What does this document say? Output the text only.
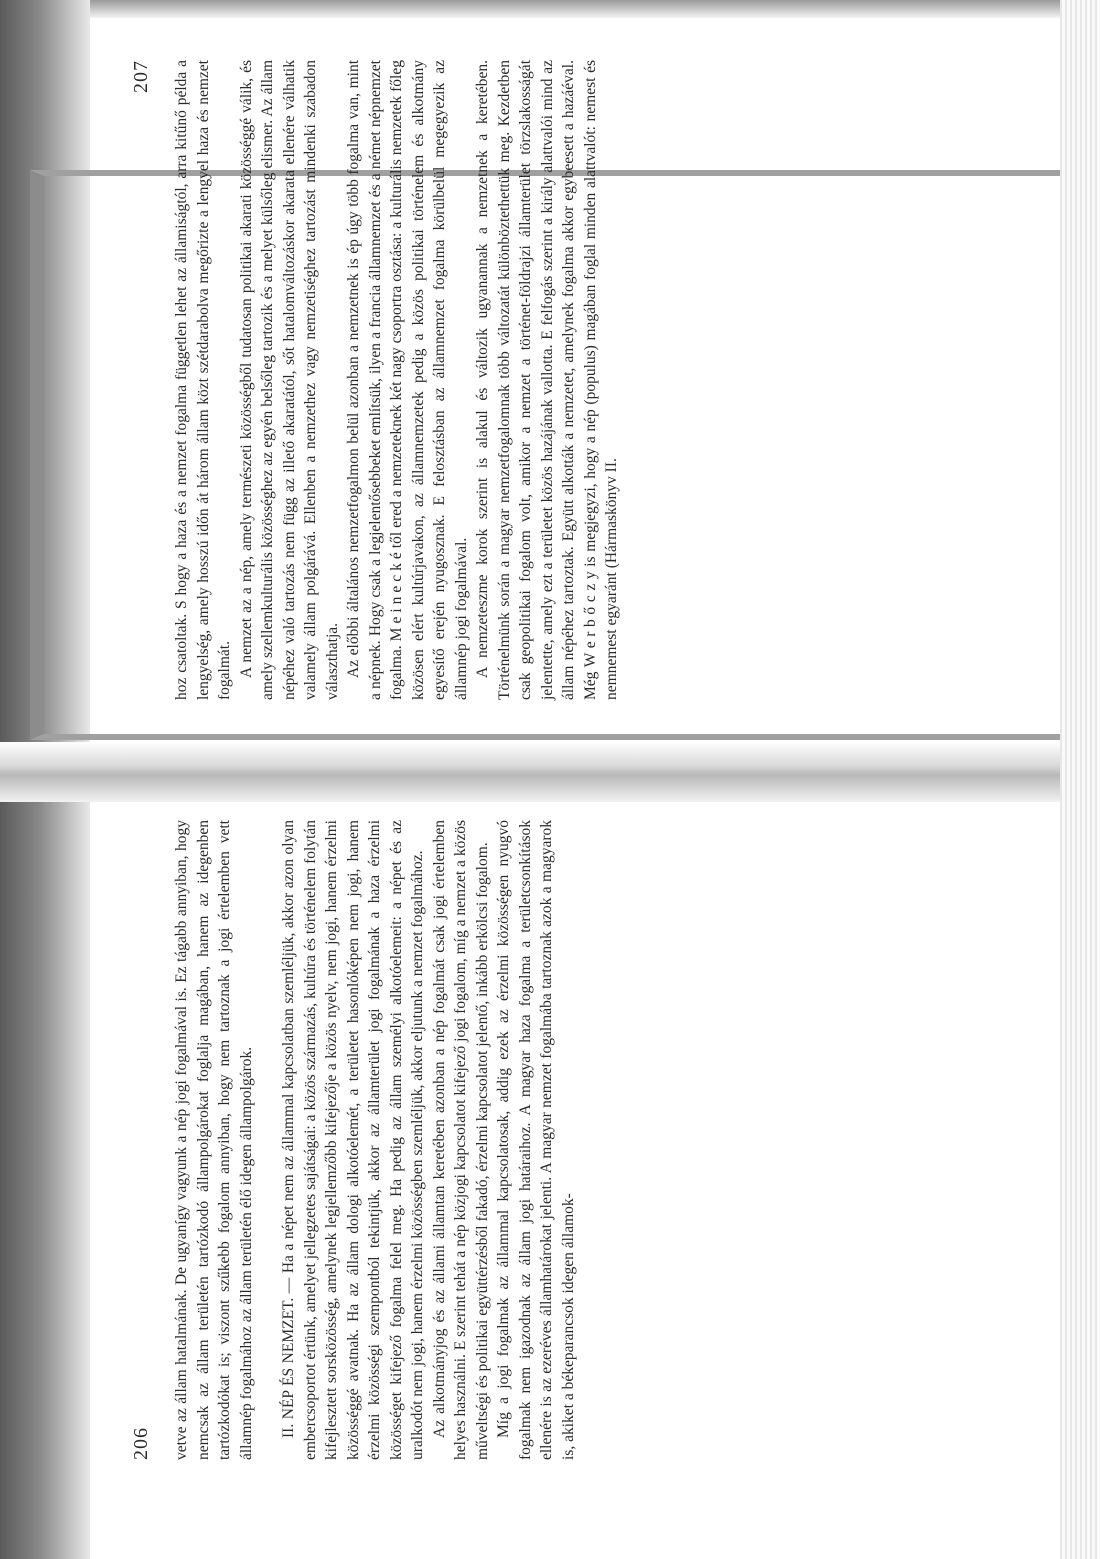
207 hoz csatoltak. S hogy a haza és a nemzet fogalma független lehet az államiságtól, arra kitűnő példa a lengyelség, amely hosszú időn át három állam közt szétdarabolva megőrizte a lengyel haza és nemzet fogalmát. A nemzet az a nép, amely természeti közösségből tudatosan politikai akarati közösséggé válik, és amely szellemkulturális közösséghez az egyén belsőleg tartozik és a melyet külsőleg elismer. Az állam népéhez való tartozás nem függ az illető akaratától, sőt hatalomváltozáskor akarata ellenére válhatik valamely állam polgárává. Ellenben a nemzethez vagy nemzetiséghez tartozást mindenki szabadon választhatja. Az előbbi általános nemzetfogalmon belül azonban a nemzetnek is ép úgy több fogalma van, mint a népnek. Hogy csak a legjelentősebbeket említsük, ilyen a francia államnemzet és a német népnemzet fogalma. M e i n e c k é től ered a nemzeteknek két nagy csoportra osztása: a kulturális nemzetek főleg közösen elért kultúrjavakon, az államnemzetek pedig a közös politikai történelem és alkotmány egyesítő erején nyugosznak. E felosztásban az államnemzet fogalma körülbelül megegyezik az államnép jogi fogalmával. A nemzeteszme korok szerint is alakul és változik ugyanannak a nemzetnek a keretében. Történelmünk során a magyar nemzetfogalomnak több változatát különböztethettük meg. Kezdetben csak geopolitikai fogalom volt, amikor a nemzet a történet-földrajzi államterület törzslakosságát jelentette, amely ezt a területet közös hazájának vallotta. E felfogás szerint a király alattvalói mind az állam népéhez tartoztak. Együtt alkották a nemzetet, amelynek fogalma akkor egybeesett a hazáéval. Még W e r b ő c z y is megjegyzi, hogy a nép (populus) magában foglal minden alattvalót: nemest és nemnemest egyaránt (Hármaskönyv II.

206 vetve az állam hatalmának. De ugyanígy vagyunk a nép jogi fogalmával is. Ez tágabb annyiban, hogy nemcsak az állam területén tartózkodó állampolgárokat foglalja magában, hanem az idegenben tartózkodókat is; viszont szűkebb fogalom annyiban, hogy nem tartoznak a jogi értelemben vett államnép fogalmához az állam területén élő idegen állampolgárok. II. NÉP ÉS NEMZET. — Ha a népet nem az állammal kapcsolatban szemléljük, akkor azon olyan embercsoportot értünk, amelyet jellegzetes sajátságai: a közös származás, kultúra és történelem folytán kifejlesztett sorsközösség, amelynek legjellemzőbb kifejezője a közös nyelv, nem jogi, hanem érzelmi közösséggé avatnak. Ha az állam dologi alkotóelemét, a területet hasonlóképen nem jogi, hanem érzelmi közösségi szempontból tekintjük, akkor az államterület jogi fogalmának a haza érzelmi közösséget kifejező fogalma felel meg. Ha pedig az állam személyi alkotóelemeit: a népet és az uralkodót nem jogi, hanem érzelmi közösségben szemléljük, akkor eljutunk a nemzet fogalmához. Az alkotmányjog és az állami államtan keretében azonban a nép fogalmát csak jogi értelemben helyes használni. E szerint tehát a nép közjogi kapcsolatot kifejező jogi fogalom, míg a nemzet a közös műveltségi és politikai együttérzésből fakadó, érzelmi kapcsolatot jelentő, inkább erkölcsi fogalom. Míg a jogi fogalmak az állammal kapcsolatosak, addig ezek az érzelmi közösségen nyugvó fogalmak nem igazodnak az állam jogi határaihoz. A magyar haza fogalma a területcsonkítások ellenére is az ezeréves államhatárokat jelenti. A magyar nemzet fogalmába tartoznak azok a magyarok is, akiket a békeparancsok idegen államok-
